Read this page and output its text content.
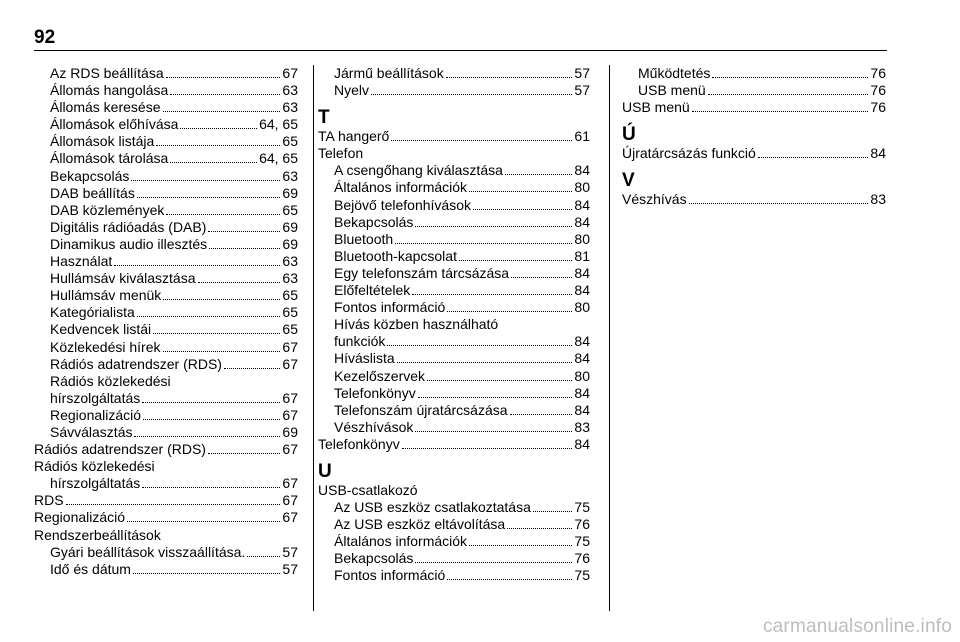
92
Az RDS beállítása	67
Állomás hangolása	63
Állomás keresése	63
Állomások előhívása	64, 65
Állomások listája	65
Állomások tárolása	64, 65
Bekapcsolás	63
DAB beállítás	69
DAB közlemények	65
Digitális rádióadás (DAB)	69
Dinamikus audio illesztés	69
Használat	63
Hullámsáv kiválasztása	63
Hullámsáv menük	65
Kategórialista	65
Kedvencek listái	65
Közlekedési hírek	67
Rádiós adatrendszer (RDS)	67
Rádiós közlekedési
hírszolgáltatás	67
Regionalizáció	67
Sávválasztás	69
Rádiós adatrendszer (RDS)	67
Rádiós közlekedési
hírszolgáltatás	67
RDS	67
Regionalizáció	67
Rendszerbeállítások
Gyári beállítások visszaállítása.	57
Idő és dátum	57
Jármű beállítások	57
Nyelv	57
T
TA hangerő	61
Telefon
A csengőhang kiválasztása	84
Általános információk	80
Bejövő telefonhívások	84
Bekapcsolás	84
Bluetooth	80
Bluetooth-kapcsolat	81
Egy telefonszám tárcsázása	84
Előfeltételek	84
Fontos információ	80
Hívás közben használható
funkciók	84
Híváslista	84
Kezelőszervek	80
Telefonkönyv	84
Telefonszám újratárcsázása	84
Vészhívások	83
Telefonkönyv	84
U
USB-csatlakozó
Az USB eszköz csatlakoztatása	75
Az USB eszköz eltávolítása	76
Általános információk	75
Bekapcsolás	76
Fontos információ	75
Működtetés	76
USB menü	76
USB menü	76
Ú
Újratárcsázás funkció	84
V
Vészhívás	83
carmanualsonline.info
